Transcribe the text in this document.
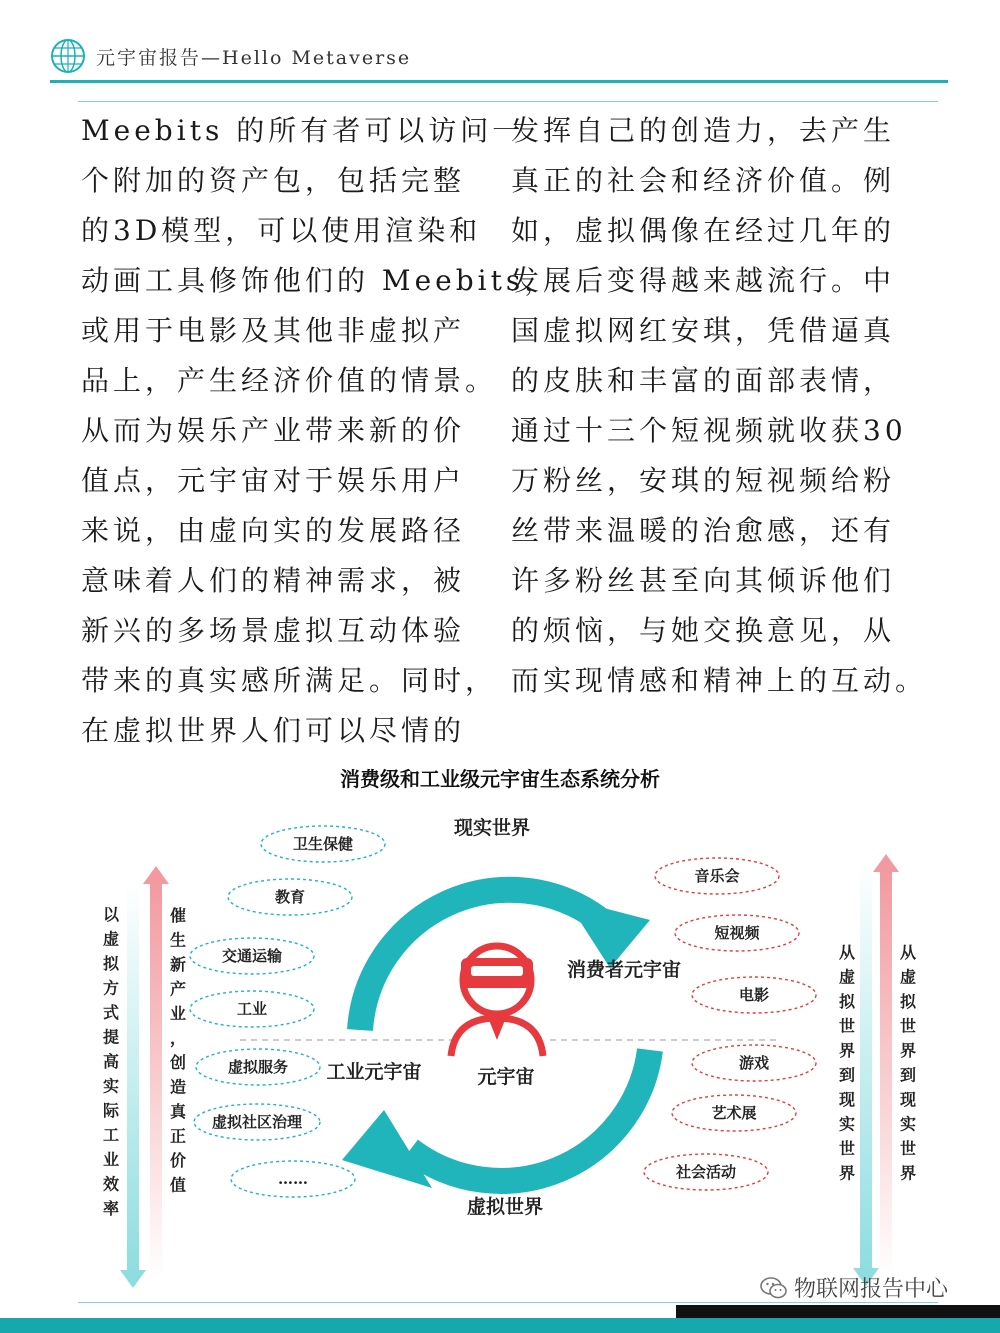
元宇宙报告—Hello Metaverse
Meebits 的所有者可以访问一
个附加的资产包，包括完整
的3D模型，可以使用渲染和
动画工具修饰他们的 Meebits，
或用于电影及其他非虚拟产
品上，产生经济价值的情景。
从而为娱乐产业带来新的价
值点，元宇宙对于娱乐用户
来说，由虚向实的发展路径
意味着人们的精神需求，被
新兴的多场景虚拟互动体验
带来的真实感所满足。同时，
在虚拟世界人们可以尽情的
发挥自己的创造力，去产生
真正的社会和经济价值。例
如，虚拟偶像在经过几年的
发展后变得越来越流行。中
国虚拟网红安琪，凭借逼真
的皮肤和丰富的面部表情，
通过十三个短视频就收获30
万粉丝，安琪的短视频给粉
丝带来温暖的治愈感，还有
许多粉丝甚至向其倾诉他们
的烦恼，与她交换意见，从
而实现情感和精神上的互动。
消费级和工业级元宇宙生态系统分析
现实世界
虚拟世界
消费者元宇宙
工业元宇宙	元宇宙
卫生保健
教育
交通运输
工业
虚拟服务
虚拟社区治理
……
音乐会
短视频
电影
游戏
艺术展
社会活动
以
虚
拟
方
式
提
高
实
际
工
业
效
率
催
生
新
产
业
，
创
造
真
正
价
值
从
虚
拟
世
界
到
现
实
世
界
从
虚
拟
世
界
到
现
实
世
界
物联网报告中心
